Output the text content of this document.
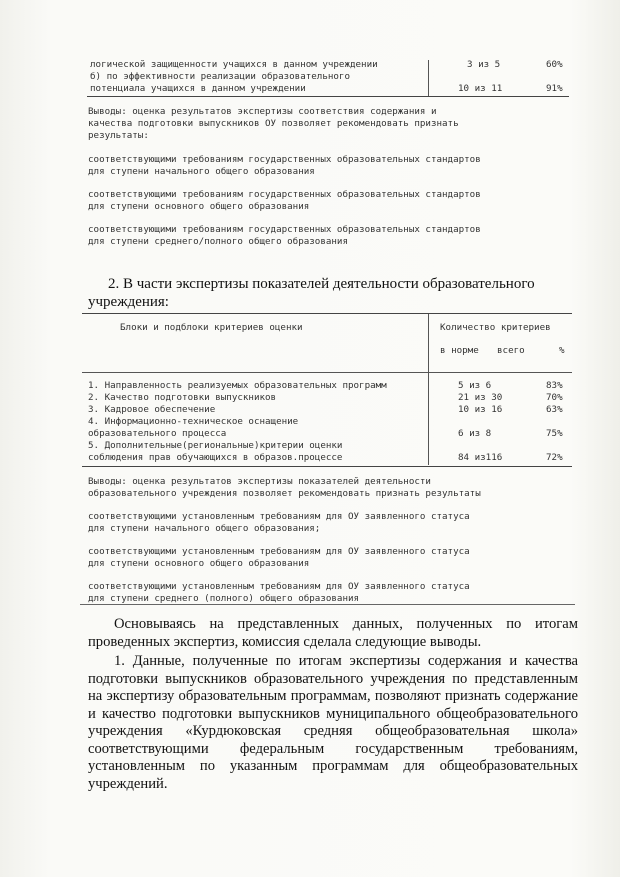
логической защищенности учащихся в данном учреждении	3 из 5	60%
б) по эффективности реализации образовательного
потенциала учащихся в данном учреждении	10 из 11	91%
Выводы: оценка результатов экспертизы соответствия содержания и
качества подготовки выпускников ОУ позволяет рекомендовать признать
результаты:
соответствующими требованиям государственных образовательных стандартов
для ступени начального общего образования
соответствующими требованиям государственных образовательных стандартов
для ступени основного общего образования
соответствующими требованиям государственных образовательных стандартов
для ступени среднего/полного общего образования
2. В части экспертизы показателей деятельности образовательного
учреждения:
Блоки и подблоки критериев оценки	Количество критериев
в норме всего	%
1. Направленность реализуемых образовательных программ	5 из 6	83%
2. Качество подготовки выпускников	21 из 30	70%
3. Кадровое обеспечение	10 из 16	63%
4. Информационно-техническое оснащение
образовательного процесса	6 из 8	75%
5. Дополнительные(региональные)критерии оценки
соблюдения прав обучающихся в образов.процессе	84 из116	72%
Выводы: оценка результатов экспертизы показателей деятельности
образовательного учреждения позволяет рекомендовать признать результаты
соответствующими установленным требованиям для ОУ заявленного статуса
для ступени начального общего образования;
соответствующими установленным требованиям для ОУ заявленного статуса
для ступени основного общего образования
соответствующими установленным требованиям для ОУ заявленного статуса
для ступени среднего (полного) общего образования
Основываясь на представленных данных, полученных по итогам проведенных экспертиз, комиссия сделала следующие выводы.
1. Данные, полученные по итогам экспертизы содержания и качества подготовки выпускников образовательного учреждения по представленным на экспертизу образовательным программам, позволяют признать содержание и качество подготовки выпускников муниципального общеобразовательного учреждения «Курдюковская средняя общеобразовательная школа» соответствующими федеральным государственным требованиям, установленным по указанным программам для общеобразовательных учреждений.
